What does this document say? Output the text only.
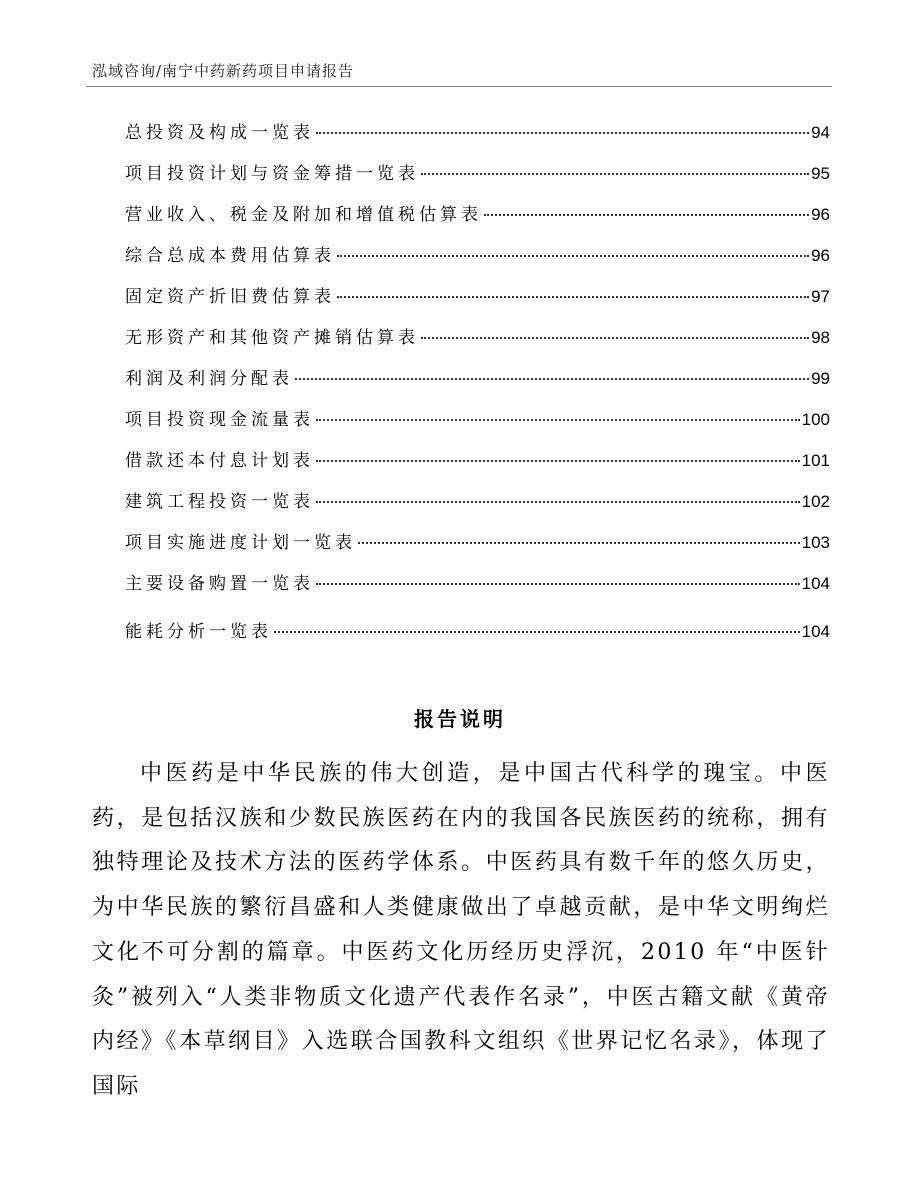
泓域咨询/南宁中药新药项目申请报告
总投资及构成一览表	94
项目投资计划与资金筹措一览表	95
营业收入、税金及附加和增值税估算表	96
综合总成本费用估算表	96
固定资产折旧费估算表	97
无形资产和其他资产摊销估算表	98
利润及利润分配表	99
项目投资现金流量表	100
借款还本付息计划表	101
建筑工程投资一览表	102
项目实施进度计划一览表	103
主要设备购置一览表	104
能耗分析一览表	104
报告说明
中医药是中华民族的伟大创造，是中国古代科学的瑰宝。中医药，是包括汉族和少数民族医药在内的我国各民族医药的统称，拥有独特理论及技术方法的医药学体系。中医药具有数千年的悠久历史，为中华民族的繁衍昌盛和人类健康做出了卓越贡献，是中华文明绚烂文化不可分割的篇章。中医药文化历经历史浮沉，2010 年“中医针灸”被列入“人类非物质文化遗产代表作名录”，中医古籍文献《黄帝内经》《本草纲目》入选联合国教科文组织《世界记忆名录》，体现了国际
